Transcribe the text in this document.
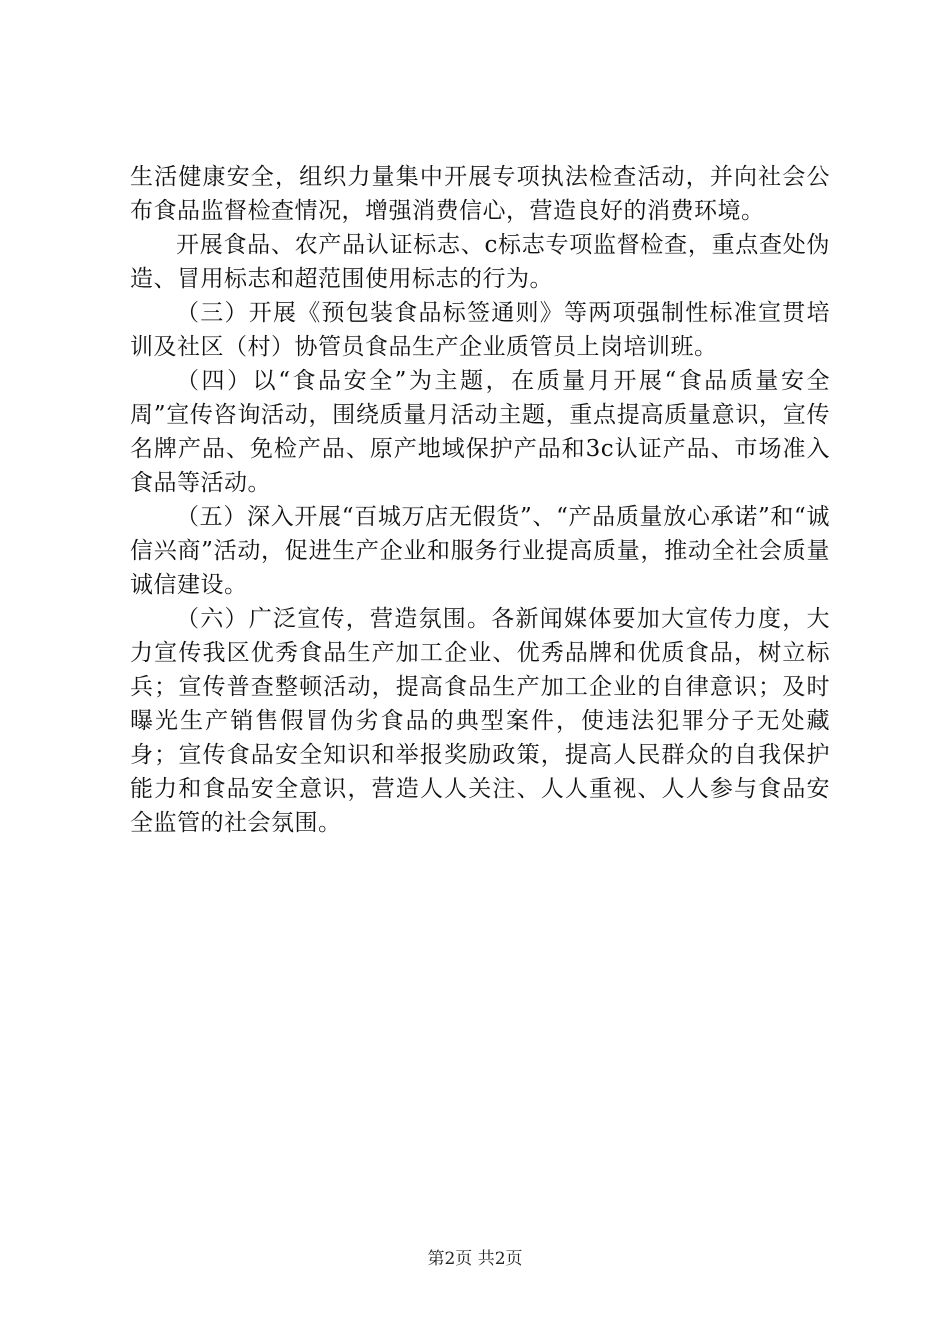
生活健康安全，组织力量集中开展专项执法检查活动，并向社会公布食品监督检查情况，增强消费信心，营造良好的消费环境。

开展食品、农产品认证标志、c标志专项监督检查，重点查处伪造、冒用标志和超范围使用标志的行为。

（三）开展《预包装食品标签通则》等两项强制性标准宣贯培训及社区（村）协管员食品生产企业质管员上岗培训班。

（四）以“食品安全”为主题，在质量月开展“食品质量安全周”宣传咨询活动，围绕质量月活动主题，重点提高质量意识，宣传名牌产品、免检产品、原产地域保护产品和3c认证产品、市场准入食品等活动。

（五）深入开展“百城万店无假货”、“产品质量放心承诺”和“诚信兴商”活动，促进生产企业和服务行业提高质量，推动全社会质量诚信建设。

（六）广泛宣传，营造氛围。各新闻媒体要加大宣传力度，大力宣传我区优秀食品生产加工企业、优秀品牌和优质食品，树立标兵；宣传普查整顿活动，提高食品生产加工企业的自律意识；及时曝光生产销售假冒伪劣食品的典型案件，使违法犯罪分子无处藏身；宣传食品安全知识和举报奖励政策，提高人民群众的自我保护能力和食品安全意识，营造人人关注、人人重视、人人参与食品安全监管的社会氛围。

第2页 共2页
